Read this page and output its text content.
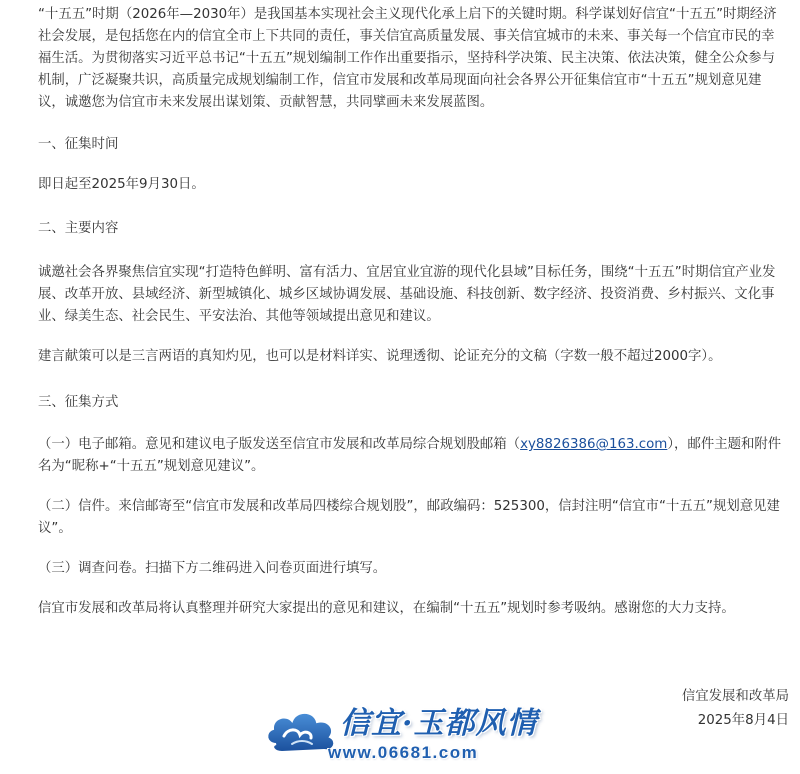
“十五五”时期（2026年—2030年）是我国基本实现社会主义现代化承上启下的关键时期。科学谋划好信宜“十五五”时期经济社会发展，是包括您在内的信宜全市上下共同的责任，事关信宜高质量发展、事关信宜城市的未来、事关每一个信宜市民的幸福生活。为贯彻落实习近平总书记“十五五”规划编制工作作出重要指示，坚持科学决策、民主决策、依法决策，健全公众参与机制，广泛凝聚共识，高质量完成规划编制工作，信宜市发展和改革局现面向社会各界公开征集信宜市“十五五”规划意见建议，诚邀您为信宜市未来发展出谋划策、贡献智慧，共同擘画未来发展蓝图。

一、征集时间

即日起至2025年9月30日。

二、主要内容

诚邀社会各界聚焦信宜实现“打造特色鲜明、富有活力、宜居宜业宜游的现代化县域”目标任务，围绕“十五五”时期信宜产业发展、改革开放、县域经济、新型城镇化、城乡区域协调发展、基础设施、科技创新、数字经济、投资消费、乡村振兴、文化事业、绿美生态、社会民生、平安法治、其他等领域提出意见和建议。

建言献策可以是三言两语的真知灼见，也可以是材料详实、说理透彻、论证充分的文稿（字数一般不超过2000字）。

三、征集方式

（一）电子邮箱。意见和建议电子版发送至信宜市发展和改革局综合规划股邮箱（xy8826386@163.com），邮件主题和附件名为“昵称+“十五五”规划意见建议”。

（二）信件。来信邮寄至“信宜市发展和改革局四楼综合规划股”，邮政编码：525300，信封注明“信宜市“十五五”规划意见建议”。

（三）调查问卷。扫描下方二维码进入问卷页面进行填写。

信宜市发展和改革局将认真整理并研究大家提出的意见和建议，在编制“十五五”规划时参考吸纳。感谢您的大力支持。

信宜发展和改革局

2025年8月4日

信宜·玉都风情
www.06681.com
